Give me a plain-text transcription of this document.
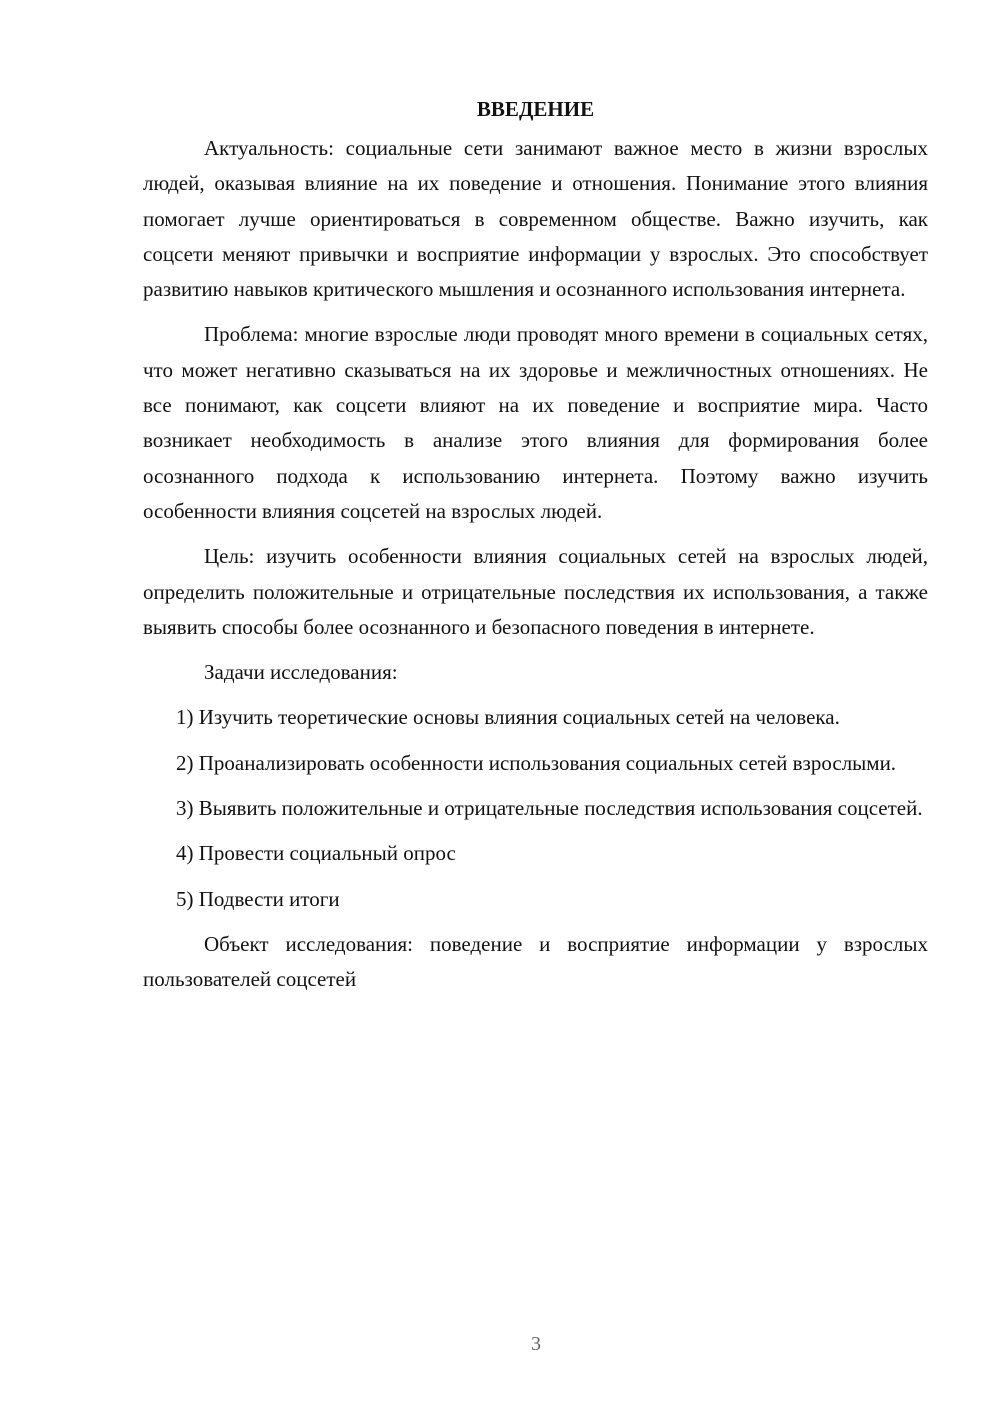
ВВЕДЕНИЕ

Актуальность: социальные сети занимают важное место в жизни взрослых людей, оказывая влияние на их поведение и отношения. Понимание этого влияния помогает лучше ориентироваться в современном обществе. Важно изучить, как соцсети меняют привычки и восприятие информации у взрослых. Это способствует развитию навыков критического мышления и осознанного использования интернета.

Проблема: многие взрослые люди проводят много времени в социальных сетях, что может негативно сказываться на их здоровье и межличностных отношениях. Не все понимают, как соцсети влияют на их поведение и восприятие мира. Часто возникает необходимость в анализе этого влияния для формирования более осознанного подхода к использованию интернета. Поэтому важно изучить особенности влияния соцсетей на взрослых людей.

Цель: изучить особенности влияния социальных сетей на взрослых людей, определить положительные и отрицательные последствия их использования, а также выявить способы более осознанного и безопасного поведения в интернете.

Задачи исследования:

1) Изучить теоретические основы влияния социальных сетей на человека.

2) Проанализировать особенности использования социальных сетей взрослыми.

3) Выявить положительные и отрицательные последствия использования соцсетей.

4) Провести социальный опрос

5) Подвести итоги

Объект исследования: поведение и восприятие информации у взрослых пользователей соцсетей

3
